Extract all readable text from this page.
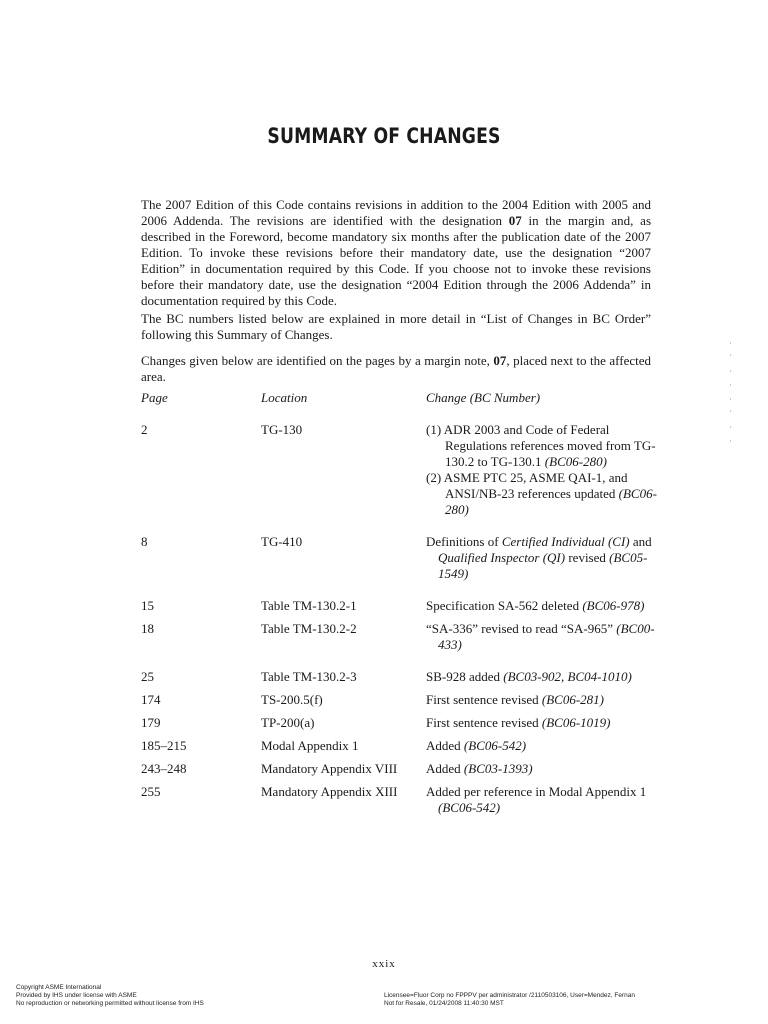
SUMMARY OF CHANGES

The 2007 Edition of this Code contains revisions in addition to the 2004 Edition with 2005 and 2006 Addenda. The revisions are identified with the designation 07 in the margin and, as described in the Foreword, become mandatory six months after the publication date of the 2007 Edition. To invoke these revisions before their mandatory date, use the designation “2007 Edition” in documentation required by this Code. If you choose not to invoke these revisions before their mandatory date, use the designation “2004 Edition through the 2006 Addenda” in documentation required by this Code.

The BC numbers listed below are explained in more detail in “List of Changes in BC Order” following this Summary of Changes.

Changes given below are identified on the pages by a margin note, 07, placed next to the affected area.

Page	Location	Change (BC Number)
2	TG-130	(1) ADR 2003 and Code of Federal Regulations references moved from TG-130.2 to TG-130.1 (BC06-280)
(2) ASME PTC 25, ASME QAI-1, and ANSI/NB-23 references updated (BC06-280)

8	TG-410	Definitions of Certified Individual (CI) and Qualified Inspector (QI) revised (BC05-1549)

15	Table TM-130.2-1	Specification SA-562 deleted (BC06-978)

18	Table TM-130.2-2	“SA-336” revised to read “SA-965” (BC00-433)

25	Table TM-130.2-3	SB-928 added (BC03-902, BC04-1010)

174	TS-200.5(f)	First sentence revised (BC06-281)

179	TP-200(a)	First sentence revised (BC06-1019)

185–215	Modal Appendix 1	Added (BC06-542)

243–248	Mandatory Appendix VIII	Added (BC03-1393)

255	Mandatory Appendix XIII	Added per reference in Modal Appendix 1 (BC06-542)
xxix
Copyright ASME International
Provided by IHS under license with ASME
No reproduction or networking permitted without license from IHS
Licensee=Fluor Corp no FPPPV per administrator /2110503106, User=Mendez, Fernan
Not for Resale, 01/24/2008 11:40:30 MST
